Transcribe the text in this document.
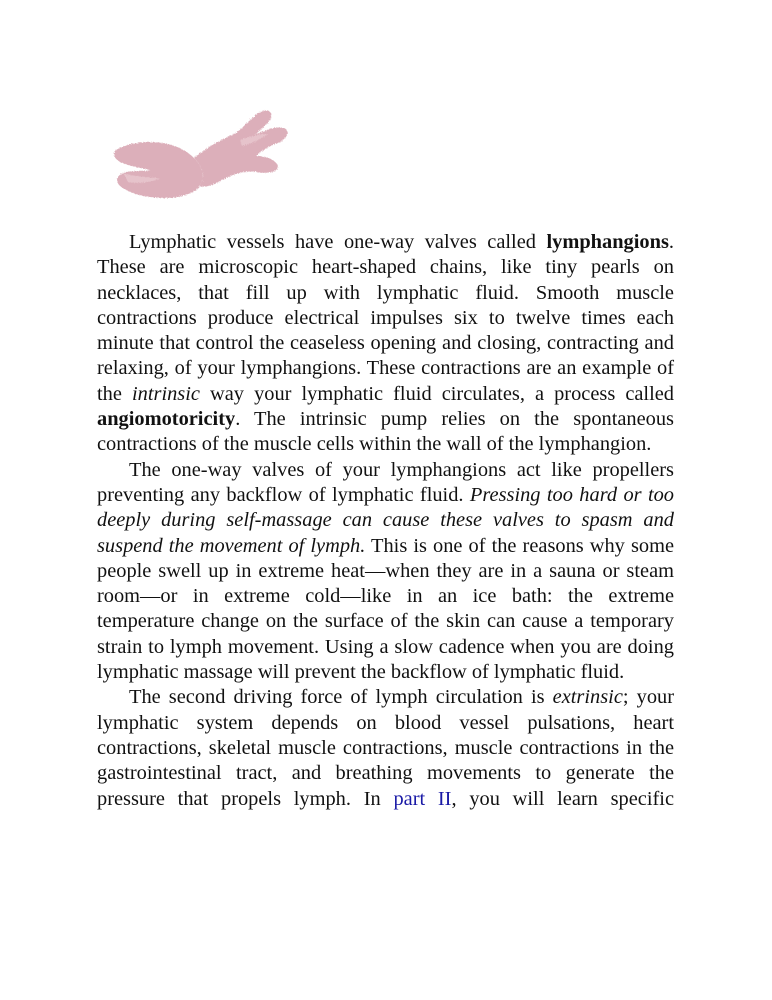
Lymphatic vessels have one-way valves called lymphangions. These are microscopic heart-shaped chains, like tiny pearls on necklaces, that fill up with lymphatic fluid. Smooth muscle contractions produce electrical impulses six to twelve times each minute that control the ceaseless opening and closing, contracting and relaxing, of your lymphangions. These contractions are an example of the intrinsic way your lymphatic fluid circulates, a process called angiomotoricity. The intrinsic pump relies on the spontaneous contractions of the muscle cells within the wall of the lymphangion.

The one-way valves of your lymphangions act like propellers preventing any backflow of lymphatic fluid. Pressing too hard or too deeply during self-massage can cause these valves to spasm and suspend the movement of lymph. This is one of the reasons why some people swell up in extreme heat—when they are in a sauna or steam room—or in extreme cold—like in an ice bath: the extreme temperature change on the surface of the skin can cause a temporary strain to lymph movement. Using a slow cadence when you are doing lymphatic massage will prevent the backflow of lymphatic fluid.

The second driving force of lymph circulation is extrinsic; your lymphatic system depends on blood vessel pulsations, heart contractions, skeletal muscle contractions, muscle contractions in the gastrointestinal tract, and breathing movements to generate the pressure that propels lymph. In part II, you will learn specific
